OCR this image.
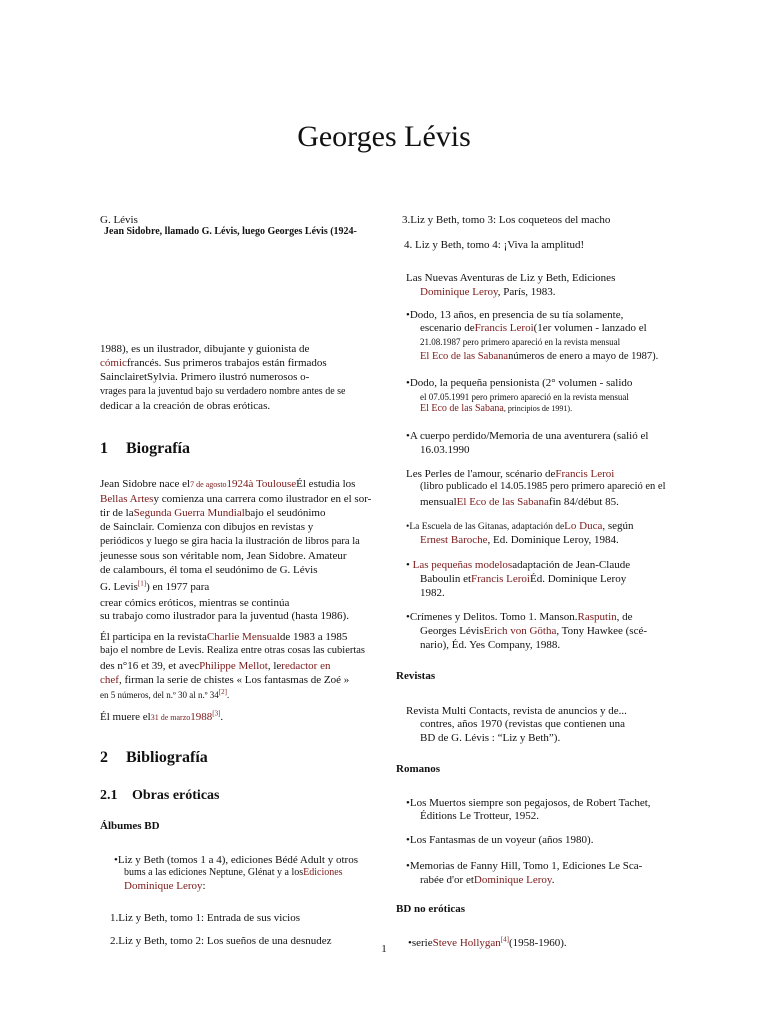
Georges Lévis
G. Lévis
Jean Sidobre, llamado G. Lévis, luego Georges Lévis (1924-
1988), es un ilustrador, dibujante y guionista de
cómicfrancés. Sus primeros trabajos están firmados
SainclairetSylvia. Primero ilustró numerosos o-
vrages para la juventud bajo su verdadero nombre antes de se
dedicar a la creación de obras eróticas.
1 Biografía
Jean Sidobre nace el7 de agosto1924à ToulouseÉl estudia los
Bellas Artesy comienza una carrera como ilustrador en el sor-
tir de laSegunda Guerra Mundialbajo el seudónimo
de Sainclair. Comienza con dibujos en revistas y
periódicos y luego se gira hacia la ilustración de libros para la
jeunesse sous son véritable nom, Jean Sidobre. Amateur
de calambours, él toma el seudónimo de G. Lévis
G. Levis[1]) en 1977 para
crear cómics eróticos, mientras se continúa
su trabajo como ilustrador para la juventud (hasta 1986).
Él participa en la revistaCharlie Mensualde 1983 a 1985
bajo el nombre de Levis. Realiza entre otras cosas las cubiertas
des n°16 et 39, et avecPhilippe Mellot, leredactor en
chef, firman la serie de chistes « Los fantasmas de Zoé »
en 5 números, del n.º 30 al n.º 34[2].
Él muere el31 de marzo1988[3].
2 Bibliografía
2.1 Obras eróticas
Álbumes BD
•Liz y Beth (tomos 1 a 4), ediciones Bédé Adult y otros
bums a las ediciones Neptune, Glénat y a losEdiciones
Dominique Leroy:
1.Liz y Beth, tomo 1: Entrada de sus vicios
2.Liz y Beth, tomo 2: Los sueños de una desnudez
3.Liz y Beth, tomo 3: Los coqueteos del macho
4. Liz y Beth, tomo 4: ¡Viva la amplitud!
Las Nuevas Aventuras de Liz y Beth, Ediciones
Dominique Leroy, París, 1983.
•Dodo, 13 años, en presencia de su tía solamente,
escenario deFrancis Leroi(1er volumen - lanzado el
21.08.1987 pero primero apareció en la revista mensual
El Eco de las Sabananúmeros de enero a mayo de 1987).
•Dodo, la pequeña pensionista (2° volumen - salido
el 07.05.1991 pero primero apareció en la revista mensual
El Eco de las Sabana, principios de 1991).
•A cuerpo perdido/Memoria de una aventurera (salió el
16.03.1990
Les Perles de l'amour, scénario deFrancis Leroi
(libro publicado el 14.05.1985 pero primero apareció en el
mensualEl Eco de las Sabanafin 84/début 85.
•La Escuela de las Gitanas, adaptación deLo Duca, según
Ernest Baroche, Ed. Dominique Leroy, 1984.
• Las pequeñas modelosadaptación de Jean-Claude
Baboulin etFrancis LeroiÉd. Dominique Leroy
1982.
•Crímenes y Delitos. Tomo 1. Manson.Rasputin, de
Georges LévisErich von Götha, Tony Hawkee (scé-
nario), Éd. Yes Company, 1988.
Revistas
Revista Multi Contacts, revista de anuncios y de...
contres, años 1970 (revistas que contienen una
BD de G. Lévis : “Liz y Beth”).
Romanos
•Los Muertos siempre son pegajosos, de Robert Tachet,
Éditions Le Trotteur, 1952.
•Los Fantasmas de un voyeur (años 1980).
•Memorias de Fanny Hill, Tomo 1, Ediciones Le Sca-
rabée d'or etDominique Leroy.
BD no eróticas
•serieSteve Hollygan[4](1958-1960).
1
